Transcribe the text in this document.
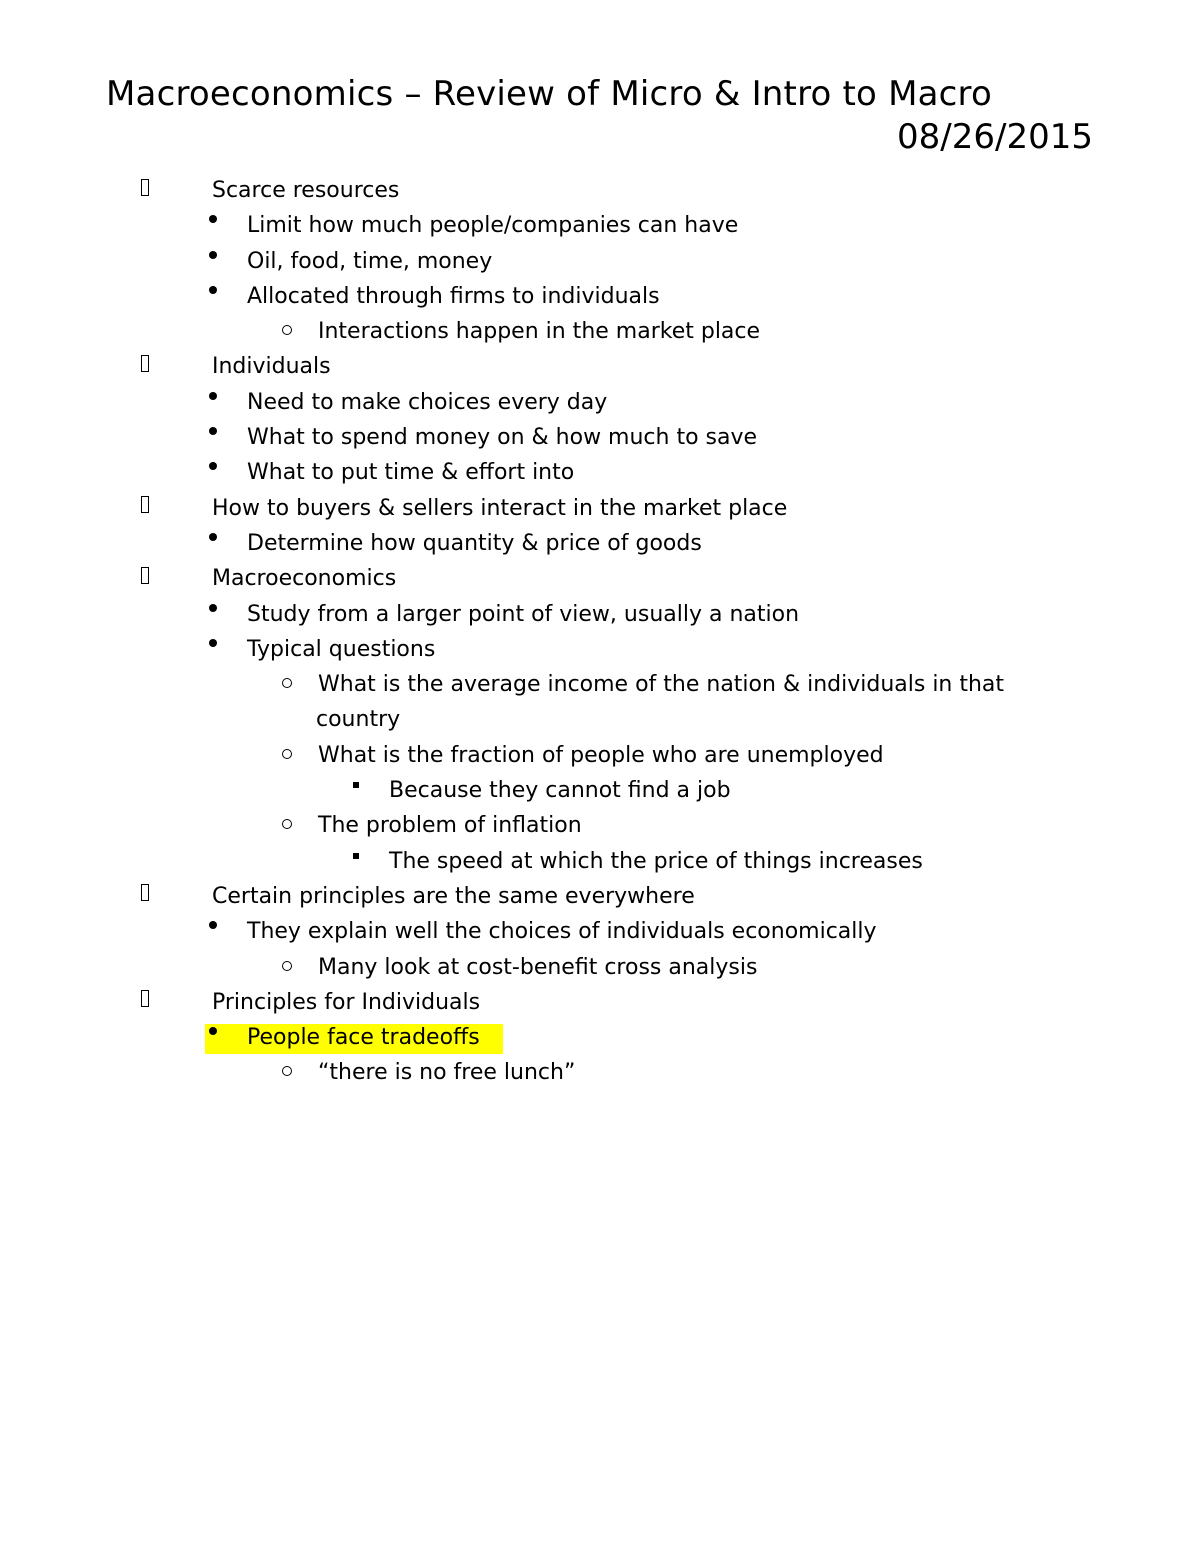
Macroeconomics – Review of Micro & Intro to Macro
08/26/2015
Scarce resources
Limit how much people/companies can have
Oil, food, time, money
Allocated through firms to individuals
Interactions happen in the market place
Individuals
Need to make choices every day
What to spend money on & how much to save
What to put time & effort into
How to buyers & sellers interact in the market place
Determine how quantity & price of goods
Macroeconomics
Study from a larger point of view, usually a nation
Typical questions
What is the average income of the nation & individuals in that
country
What is the fraction of people who are unemployed
Because they cannot find a job
The problem of inflation
The speed at which the price of things increases
Certain principles are the same everywhere
They explain well the choices of individuals economically
Many look at cost-benefit cross analysis
Principles for Individuals
People face tradeoffs
“there is no free lunch”
